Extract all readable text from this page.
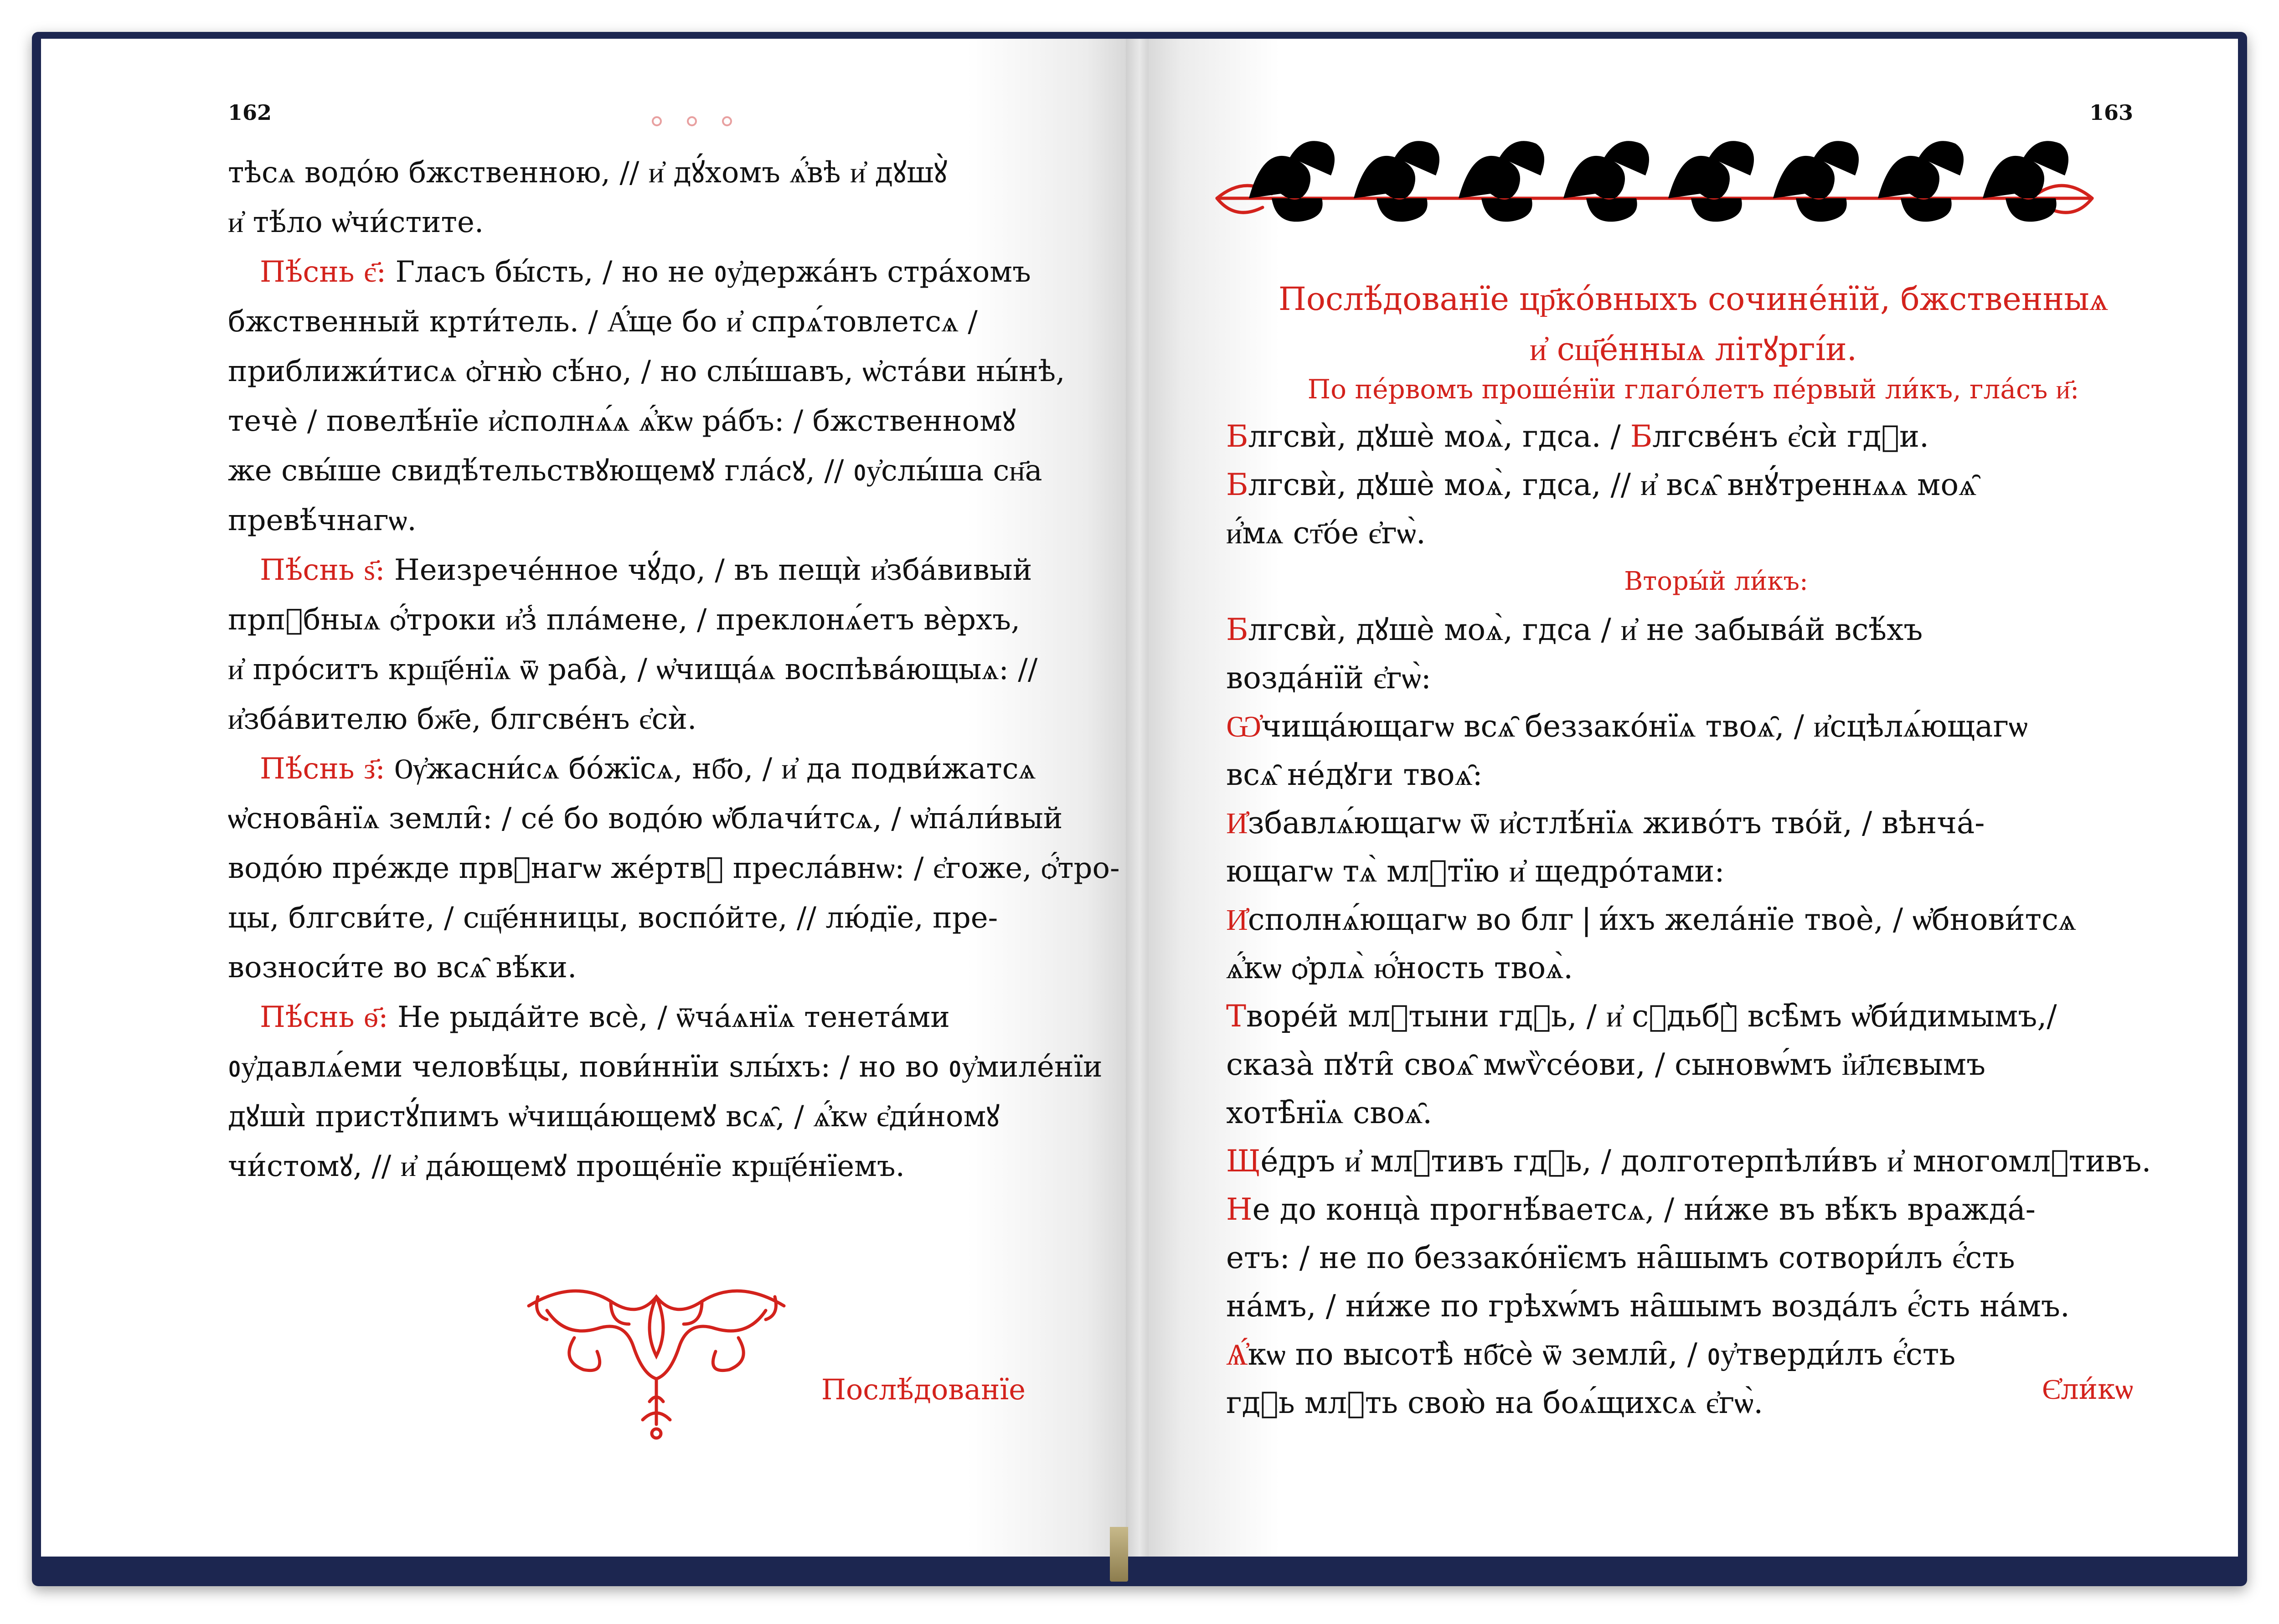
162
тѣсѧ водо́ю бжcтвенною, // и҆ дꙋ́хомъ ѧ҆́вѣ и҆ дꙋшꙋ̀
и҆ тѣ́ло ѡ҆чи́стите.
Пѣ́снь є҃: Глaсъ бы́сть, / но не ᲂу҆держа́нъ стра́хомъ
бжcтвенный крти́тель. / А҆́ще бо и҆ спрѧ́товлетсѧ /
приближи́тисѧ ѻ҆гню̀ сѣ́но, / но слы́шавъ, ѡ҆ста́ви ны́нѣ,
течѐ / повелѣ́нїе и҆сполнѧ́ѧ ѧ҆́кѡ ра́бъ: / бжcтвенномꙋ
же свы́ше свидѣ́тельствꙋющемꙋ гла́сꙋ, // ᲂу҆слы́ша сн҃а
превѣ́чнагѡ.
Пѣ́снь ѕ҃: Неизрече́нное чꙋ́до, / въ пещѝ и҆зба́вивый
прпⷣбныѧ ѻ҆́троки и҆з̾ пла́мене, / преклонѧ́етъ вѐрхъ,
и҆ про́ситъ крщ҃е́нїѧ ѿ раба̀, / ѡ҆чища́ѧ воспѣва́ющыѧ: //
и҆зба́вителю бж҃е, блгcве́нъ є҆сѝ.
Пѣ́снь з҃: Ѹ҆жасни́сѧ бо́жїсѧ, нб҃о, / и҆ да подви́жатсѧ
ѡ҆снова̑нїѧ земли̑: / се́ бо водо́ю ѡ҆блачи́тсѧ, / ѡ҆па́ли́вый
водо́ю пре́жде првⷣнагѡ же́ртвꙋ пресла́внѡ: / є҆гоже, ѻ҆́тро-
цы, блгcви́те, / сщ҃е́нницы, воспо́йте, // лю́дїе, пре-
возноси́те во всѧ̑ вѣ́ки.
Пѣ́снь ѳ҃: Не рыда́йте всѐ, / ѿча́ѧнїѧ тенета́ми
ᲂу҆давлѧ́еми человѣ́цы, пови́ннїи ѕлы́хъ: / но во ᲂу҆миле́нїи
дꙋшѝ пристꙋ́пимъ ѡ҆чища́ющемꙋ всѧ̑, / ѧ҆́кѡ є҆ди́номꙋ
чи́стомꙋ, // и҆ да́ющемꙋ проще́нїе крщ҃е́нїемъ.
Послѣ́дованїе
163
Послѣ́дованїе цр҃ко́вныхъ сочине́нїй, бжcтвенныѧ
и҆ сщ҃е́нныѧ літꙋргі́и.
По пе́рвомъ проше́нїи глаго́летъ пе́рвый ли́къ, гла́съ и҃:
Блгcвѝ, дꙋшѐ моѧ̀, гдcа. / Блгcве́нъ є҆сѝ гдⷭи.
Блгcвѝ, дꙋшѐ моѧ̀, гдcа, // и҆ всѧ̑ внꙋ́треннѧѧ моѧ̑
и҆́мѧ ст҃о́е є҆гѡ̀.
Вторы́й ли́къ:
Блгcвѝ, дꙋшѐ моѧ̀, гдcа / и҆ не забыва́й всѣ́хъ
возда́нїй є҆гѡ̀:
Ѡ҆чища́ющагѡ всѧ̑ беззако́нїѧ твоѧ̑, / и҆сцѣлѧ́ющагѡ
всѧ̑ не́дꙋги твоѧ̑:
И҆збавлѧ́ющагѡ ѿ и҆стлѣ́нїѧ живо́тъ тво́й, / вѣнча́-
ющагѡ тѧ̀ млⷭтїю и҆ щедро́тами:
И҆сполнѧ́ющагѡ во блг❘и́хъ жела́нїе твоѐ, / ѡ҆бнови́тсѧ
ѧ҆́кѡ ѻ҆рлѧ̀ ю҆́ность твоѧ̀.
Творе́й млⷭтыни гдⷭь, / и҆ сꙋдьбꙋ̀ всѣ̑мъ ѡ҆би́димымъ,/
сказа̀ пꙋти̑ своѧ̑ мѡѷсе́ови, / сыновѡ́мъ і҆и҃лєвымъ
хотѣ̑нїѧ своѧ̑.
Ще́дръ и҆ млⷭтивъ гдⷭь, / долготерпѣли́въ и҆ многомлⷭтивъ.
Не до конца̀ прогнѣ́ваетсѧ, / ни́же въ вѣ́къ вражда́-
етъ: / не по беззако́нїємъ на̑шымъ сотвори́лъ є҆́сть
на́мъ, / ни́же по грѣхѡ́мъ на̑шымъ возда́лъ є҆́сть на́мъ.
Ѧ҆́кѡ по высотѣ̀ нб҃сѐ ѿ земли̑, / ᲂу҆тверди́лъ є҆́сть
гдⷭь млⷭть свою̀ на боѧ́щихсѧ є҆гѡ̀.	Є҆ли́кѡ
